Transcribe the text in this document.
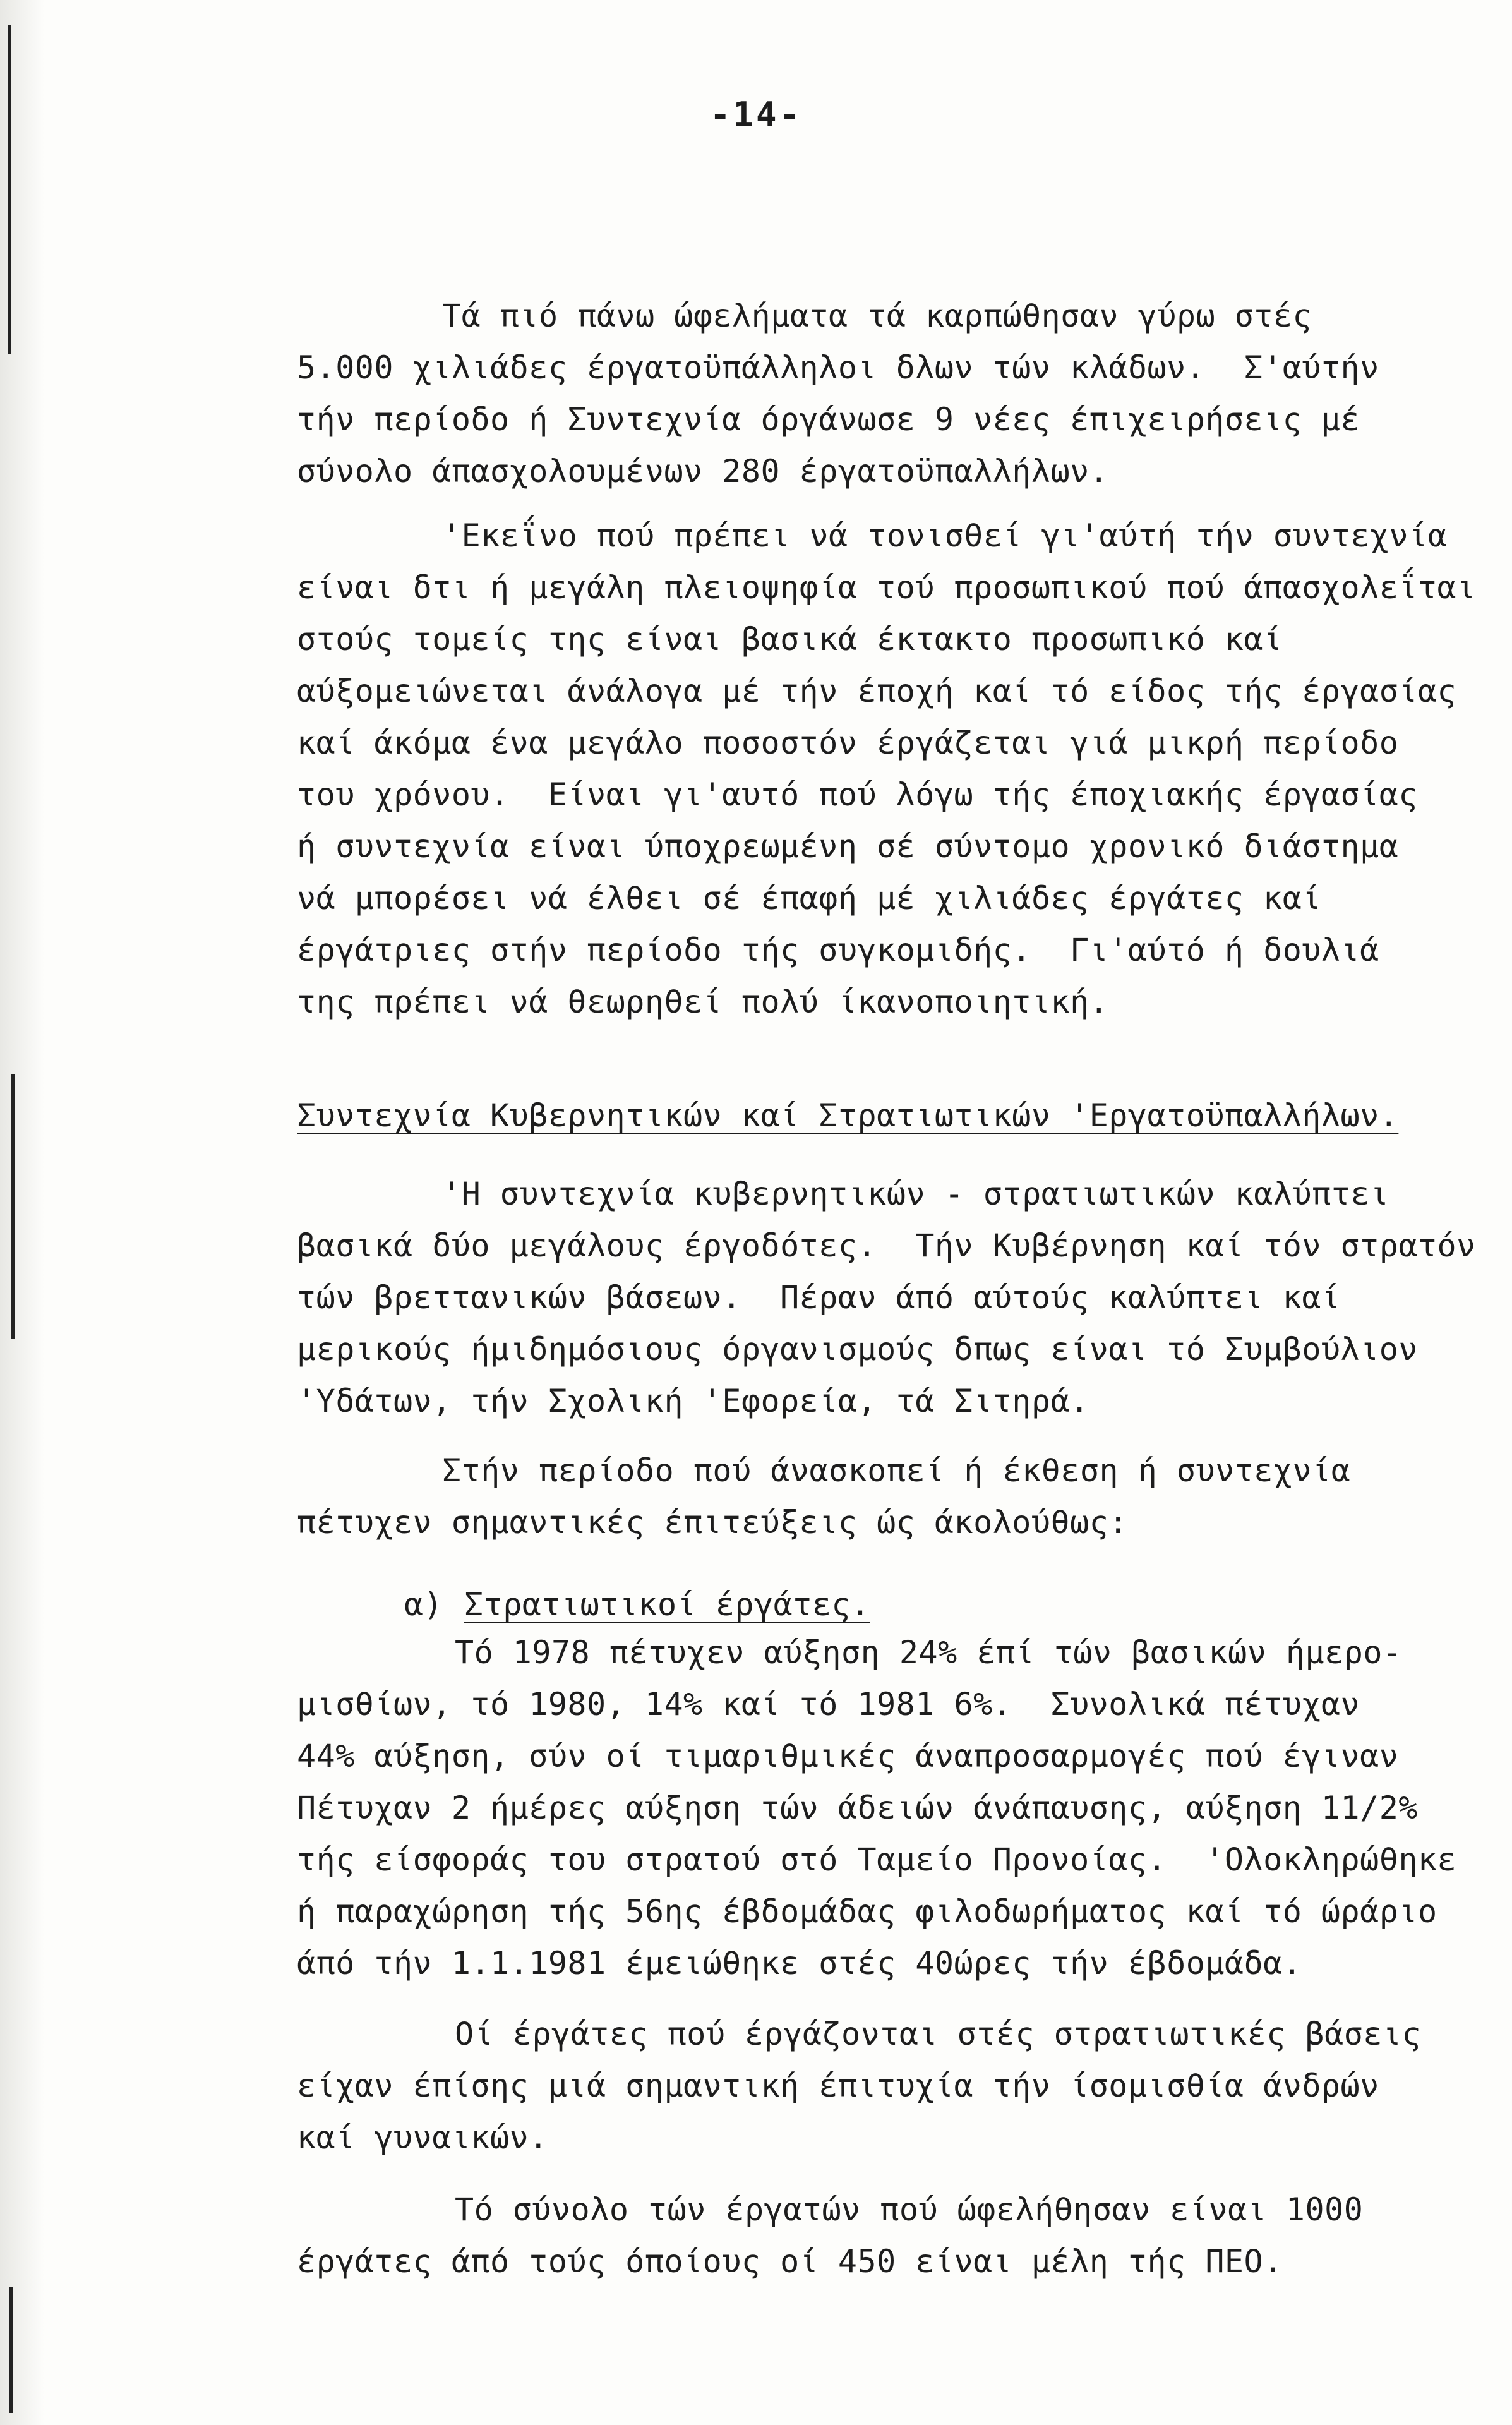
-14-
Τά πιό πάνω ώφελήματα τά καρπώθησαν γύρω στές
5.000 χιλιάδες έργατοϋπάλληλοι δλων τών κλάδων.  Σ'αύτήν
τήν περίοδο ή Συντεχνία όργάνωσε 9 νέες έπιχειρήσεις μέ
σύνολο άπασχολουμένων 280 έργατοϋπαλλήλων.
'Εκεΐνο πού πρέπει νά τονισθεί γι'αύτή τήν συντεχνία
είναι δτι ή μεγάλη πλειοψηφία τού προσωπικού πού άπασχολεΐται
στούς τομείς της είναι βασικά έκτακτο προσωπικό καί
αύξομειώνεται άνάλογα μέ τήν έποχή καί τό είδος τής έργασίας
καί άκόμα ένα μεγάλο ποσοστόν έργάζεται γιά μικρή περίοδο
του χρόνου.  Είναι γι'αυτό πού λόγω τής έποχιακής έργασίας
ή συντεχνία είναι ύποχρεωμένη σέ σύντομο χρονικό διάστημα
νά μπορέσει νά έλθει σέ έπαφή μέ χιλιάδες έργάτες καί
έργάτριες στήν περίοδο τής συγκομιδής.  Γι'αύτό ή δουλιά
της πρέπει νά θεωρηθεί πολύ ίκανοποιητική.
Συντεχνία Κυβερνητικών καί Στρατιωτικών 'Εργατοϋπαλλήλων.
'Η συντεχνία κυβερνητικών - στρατιωτικών καλύπτει
βασικά δύο μεγάλους έργοδότες.  Τήν Κυβέρνηση καί τόν στρατόν
τών βρεττανικών βάσεων.  Πέραν άπό αύτούς καλύπτει καί
μερικούς ήμιδημόσιους όργανισμούς δπως είναι τό Συμβούλιον
'Υδάτων, τήν Σχολική 'Εφορεία, τά Σιτηρά.
Στήν περίοδο πού άνασκοπεί ή έκθεση ή συντεχνία
πέτυχεν σημαντικές έπιτεύξεις ώς άκολούθως:
α) Στρατιωτικοί έργάτες.
Τό 1978 πέτυχεν αύξηση 24% έπί τών βασικών ήμερο-
μισθίων, τό 1980, 14% καί τό 1981 6%.  Συνολικά πέτυχαν
44% αύξηση, σύν οί τιμαριθμικές άναπροσαρμογές πού έγιναν
Πέτυχαν 2 ήμέρες αύξηση τών άδειών άνάπαυσης, αύξηση 11/2%
τής είσφοράς του στρατού στό Ταμείο Προνοίας.  'Ολοκληρώθηκε
ή παραχώρηση τής 56ης έβδομάδας φιλοδωρήματος καί τό ώράριο
άπό τήν 1.1.1981 έμειώθηκε στές 40ώρες τήν έβδομάδα.
Οί έργάτες πού έργάζονται στές στρατιωτικές βάσεις
είχαν έπίσης μιά σημαντική έπιτυχία τήν ίσομισθία άνδρών
καί γυναικών.
Τό σύνολο τών έργατών πού ώφελήθησαν είναι 1000
έργάτες άπό τούς όποίους οί 450 είναι μέλη τής ΠΕΟ.
